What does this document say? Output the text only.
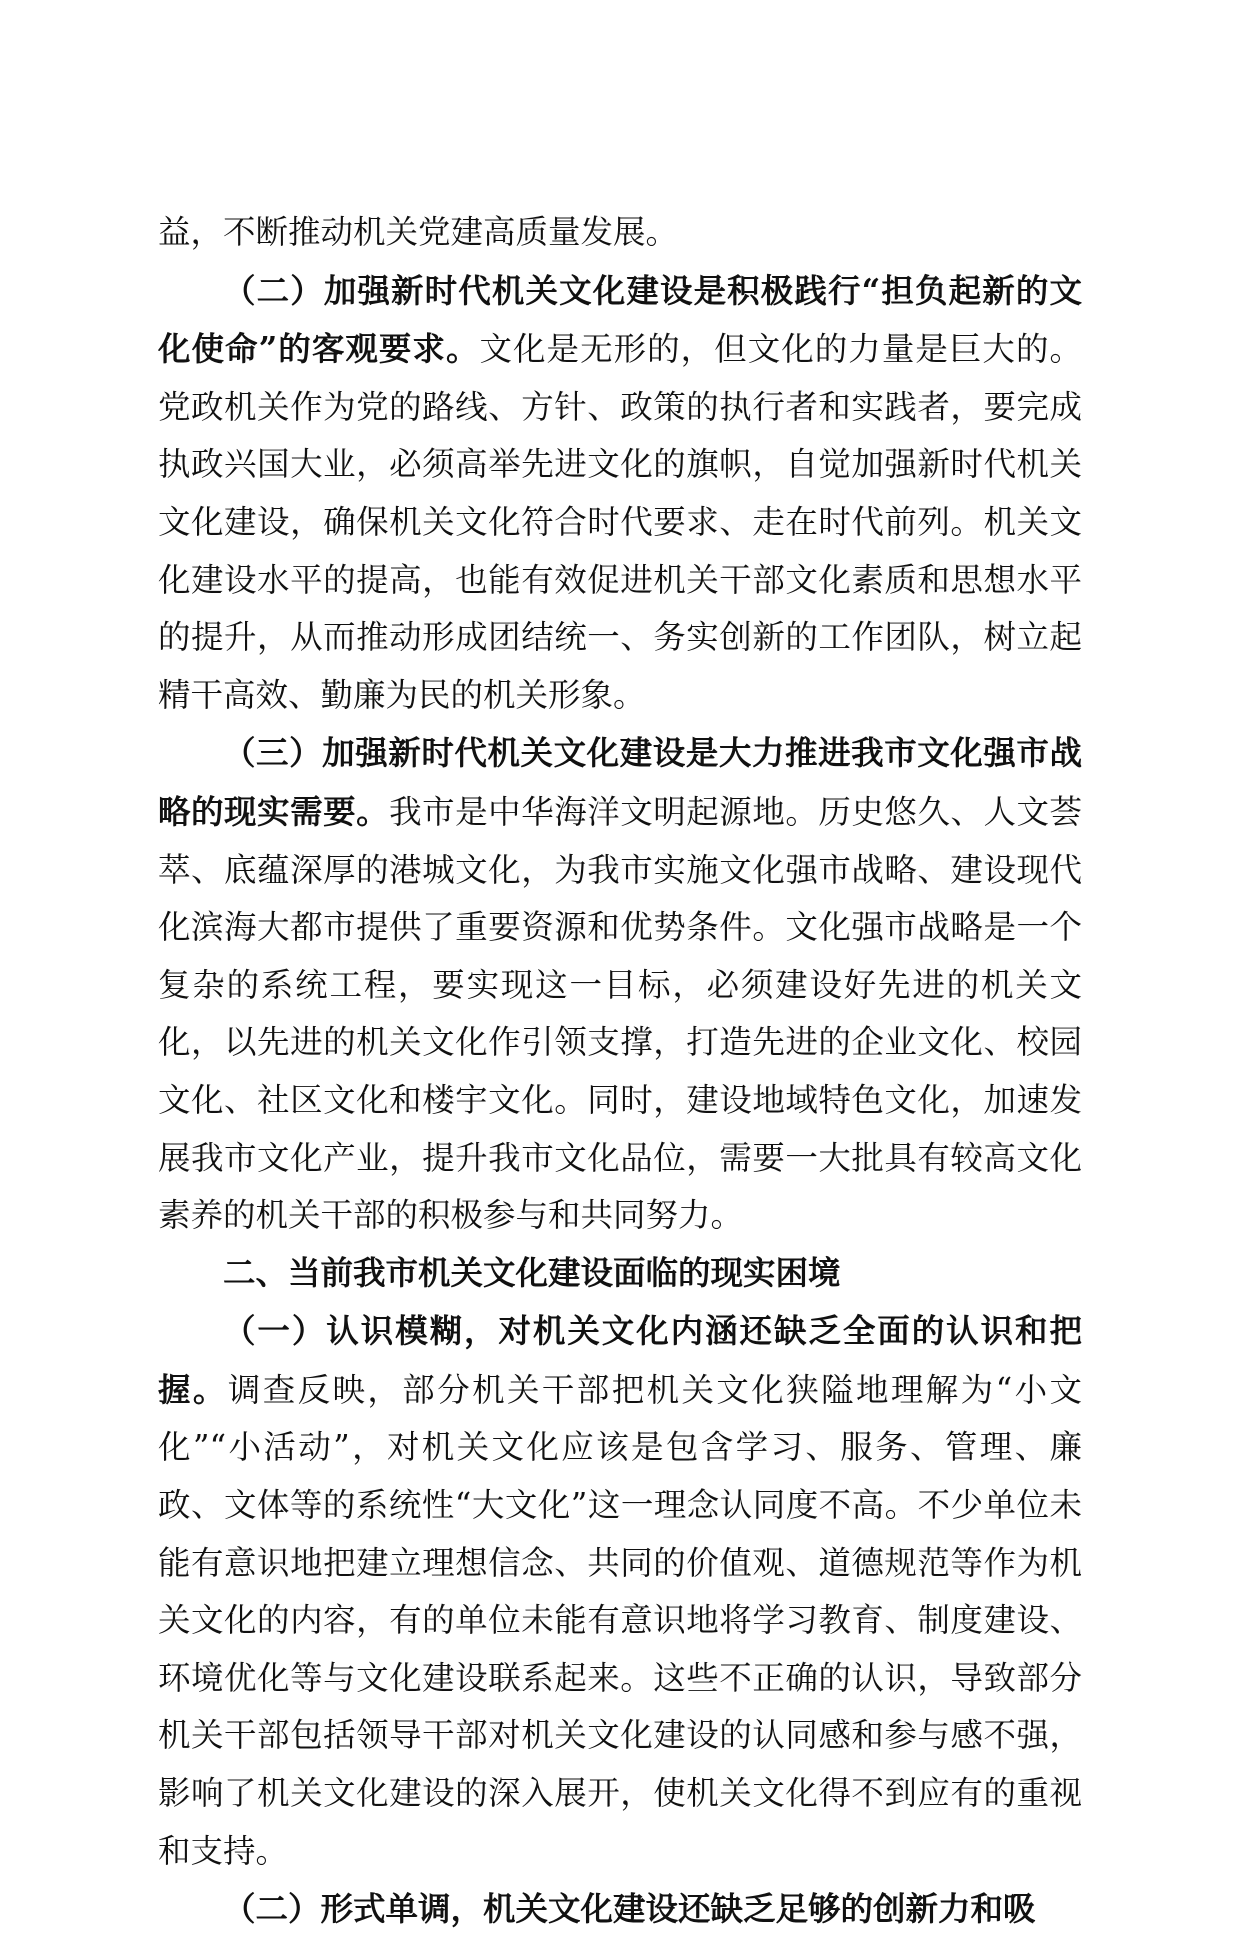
益，不断推动机关党建高质量发展。

（二）加强新时代机关文化建设是积极践行“担负起新的文化使命”的客观要求。文化是无形的，但文化的力量是巨大的。党政机关作为党的路线、方针、政策的执行者和实践者，要完成执政兴国大业，必须高举先进文化的旗帜，自觉加强新时代机关文化建设，确保机关文化符合时代要求、走在时代前列。机关文化建设水平的提高，也能有效促进机关干部文化素质和思想水平的提升，从而推动形成团结统一、务实创新的工作团队，树立起精干高效、勤廉为民的机关形象。

（三）加强新时代机关文化建设是大力推进我市文化强市战略的现实需要。我市是中华海洋文明起源地。历史悠久、人文荟萃、底蕴深厚的港城文化，为我市实施文化强市战略、建设现代化滨海大都市提供了重要资源和优势条件。文化强市战略是一个复杂的系统工程，要实现这一目标，必须建设好先进的机关文化，以先进的机关文化作引领支撑，打造先进的企业文化、校园文化、社区文化和楼宇文化。同时，建设地域特色文化，加速发展我市文化产业，提升我市文化品位，需要一大批具有较高文化素养的机关干部的积极参与和共同努力。

二、当前我市机关文化建设面临的现实困境

（一）认识模糊，对机关文化内涵还缺乏全面的认识和把握。调查反映，部分机关干部把机关文化狭隘地理解为“小文化”“小活动”，对机关文化应该是包含学习、服务、管理、廉政、文体等的系统性“大文化”这一理念认同度不高。不少单位未能有意识地把建立理想信念、共同的价值观、道德规范等作为机关文化的内容，有的单位未能有意识地将学习教育、制度建设、环境优化等与文化建设联系起来。这些不正确的认识，导致部分机关干部包括领导干部对机关文化建设的认同感和参与感不强，影响了机关文化建设的深入展开，使机关文化得不到应有的重视和支持。

（二）形式单调，机关文化建设还缺乏足够的创新力和吸
